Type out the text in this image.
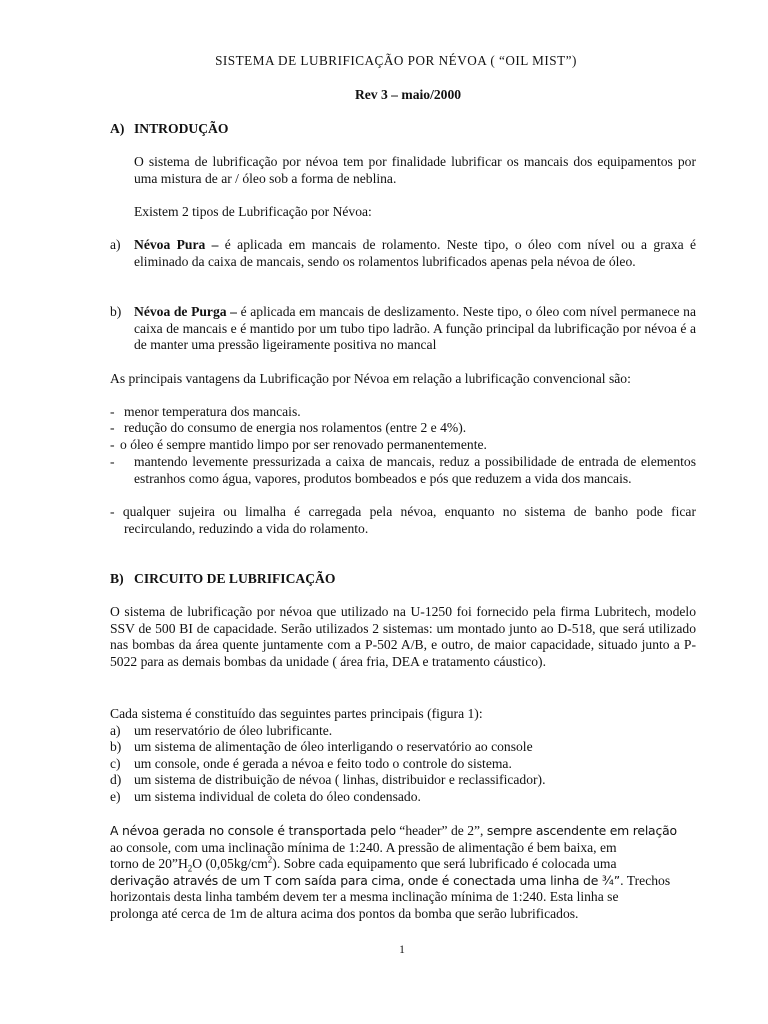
SISTEMA DE LUBRIFICAÇÃO POR NÉVOA ( “OIL MIST”)
Rev 3 – maio/2000
A) INTRODUÇÃO
O sistema de lubrificação por névoa tem por finalidade lubrificar os mancais dos equipamentos por uma mistura de ar / óleo sob a forma de neblina.
Existem 2 tipos de Lubrificação por Névoa:
a) Névoa Pura – é aplicada em mancais de rolamento. Neste tipo, o óleo com nível ou a graxa é eliminado da caixa de mancais, sendo os rolamentos lubrificados apenas pela névoa de óleo.
b) Névoa de Purga – é aplicada em mancais de deslizamento. Neste tipo, o óleo com nível permanece na caixa de mancais e é mantido por um tubo tipo ladrão. A função principal da lubrificação por névoa é a de manter uma pressão ligeiramente positiva no mancal
As principais vantagens da Lubrificação por Névoa em relação a lubrificação convencional são:
- menor temperatura dos mancais.
- redução do consumo de energia nos rolamentos (entre 2 e 4%).
- o óleo é sempre mantido limpo por ser renovado permanentemente.
-	mantendo levemente pressurizada a caixa de mancais, reduz a possibilidade de entrada de elementos estranhos como água, vapores, produtos bombeados e pós que reduzem a vida dos mancais.
- qualquer sujeira ou limalha é carregada pela névoa, enquanto no sistema de banho pode ficar recirculando, reduzindo a vida do rolamento.
B) CIRCUITO DE LUBRIFICAÇÃO
O sistema de lubrificação por névoa que utilizado na U-1250 foi fornecido pela firma Lubritech, modelo SSV de 500 BI de capacidade. Serão utilizados 2 sistemas: um montado junto ao D-518, que será utilizado nas bombas da área quente juntamente com a P-502 A/B, e outro, de maior capacidade, situado junto a P-5022 para as demais bombas da unidade ( área fria, DEA e tratamento cáustico).
Cada sistema é constituído das seguintes partes principais (figura 1):
a) um reservatório de óleo lubrificante.
b) um sistema de alimentação de óleo interligando o reservatório ao console
c) um console, onde é gerada a névoa e feito todo o controle do sistema.
d) um sistema de distribuição de névoa ( linhas, distribuidor e reclassificador).
e) um sistema individual de coleta do óleo condensado.
A névoa gerada no console é transportada pelo “header” de 2”, sempre ascendente em relação
ao console, com uma inclinação mínima de 1:240. A pressão de alimentação é bem baixa, em
torno de $20”H_2O$ $(0,05kg/cm^2)$. Sobre cada equipamento que será lubrificado é colocada uma
derivação através de um T com saída para cima, onde é conectada uma linha de ¾”. Trechos
horizontais desta linha também devem ter a mesma inclinação mínima de 1:240. Esta linha se
prolonga até cerca de 1m de altura acima dos pontos da bomba que serão lubrificados.
1
